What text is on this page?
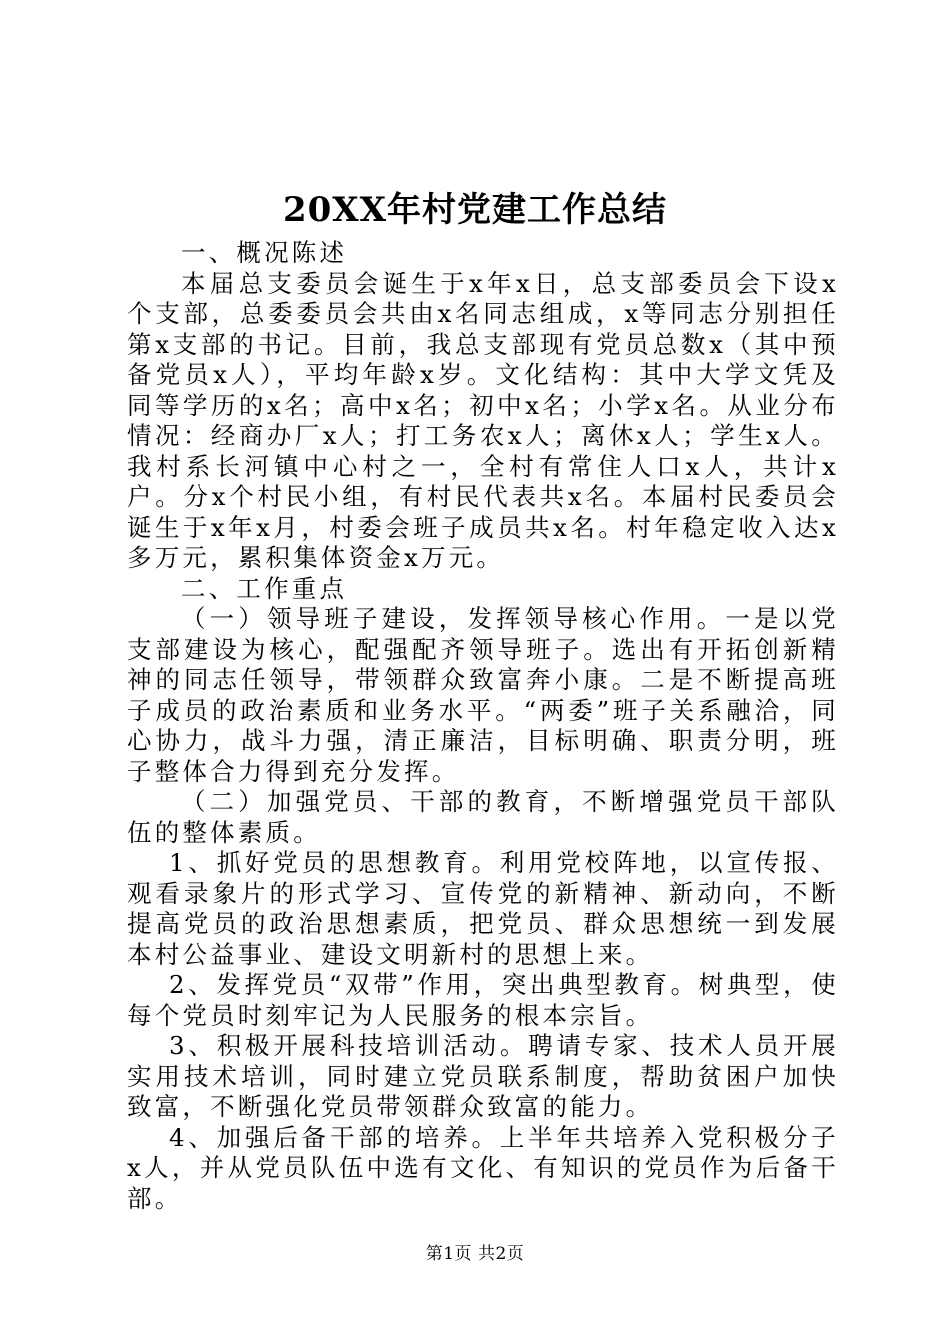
20XX年村党建工作总结

一、概况陈述

本届总支委员会诞生于x年x日，总支部委员会下设x个支部，总委委员会共由x名同志组成，x等同志分别担任第x支部的书记。目前，我总支部现有党员总数x（其中预备党员x人），平均年龄x岁。文化结构：其中大学文凭及同等学历的x名；高中x名；初中x名；小学x名。从业分布情况：经商办厂x人；打工务农x人；离休x人；学生x人。我村系长河镇中心村之一，全村有常住人口x人，共计x户。分x个村民小组，有村民代表共x名。本届村民委员会诞生于x年x月，村委会班子成员共x名。村年稳定收入达x多万元，累积集体资金x万元。

二、工作重点

（一）领导班子建设，发挥领导核心作用。一是以党支部建设为核心，配强配齐领导班子。选出有开拓创新精神的同志任领导，带领群众致富奔小康。二是不断提高班子成员的政治素质和业务水平。“两委”班子关系融洽，同心协力，战斗力强，清正廉洁，目标明确、职责分明，班子整体合力得到充分发挥。

（二）加强党员、干部的教育，不断增强党员干部队伍的整体素质。

1、抓好党员的思想教育。利用党校阵地，以宣传报、观看录象片的形式学习、宣传党的新精神、新动向，不断提高党员的政治思想素质，把党员、群众思想统一到发展本村公益事业、建设文明新村的思想上来。

2、发挥党员“双带”作用，突出典型教育。树典型，使每个党员时刻牢记为人民服务的根本宗旨。

3、积极开展科技培训活动。聘请专家、技术人员开展实用技术培训，同时建立党员联系制度，帮助贫困户加快致富，不断强化党员带领群众致富的能力。

4、加强后备干部的培养。上半年共培养入党积极分子x人，并从党员队伍中选有文化、有知识的党员作为后备干部。

第1页 共2页
